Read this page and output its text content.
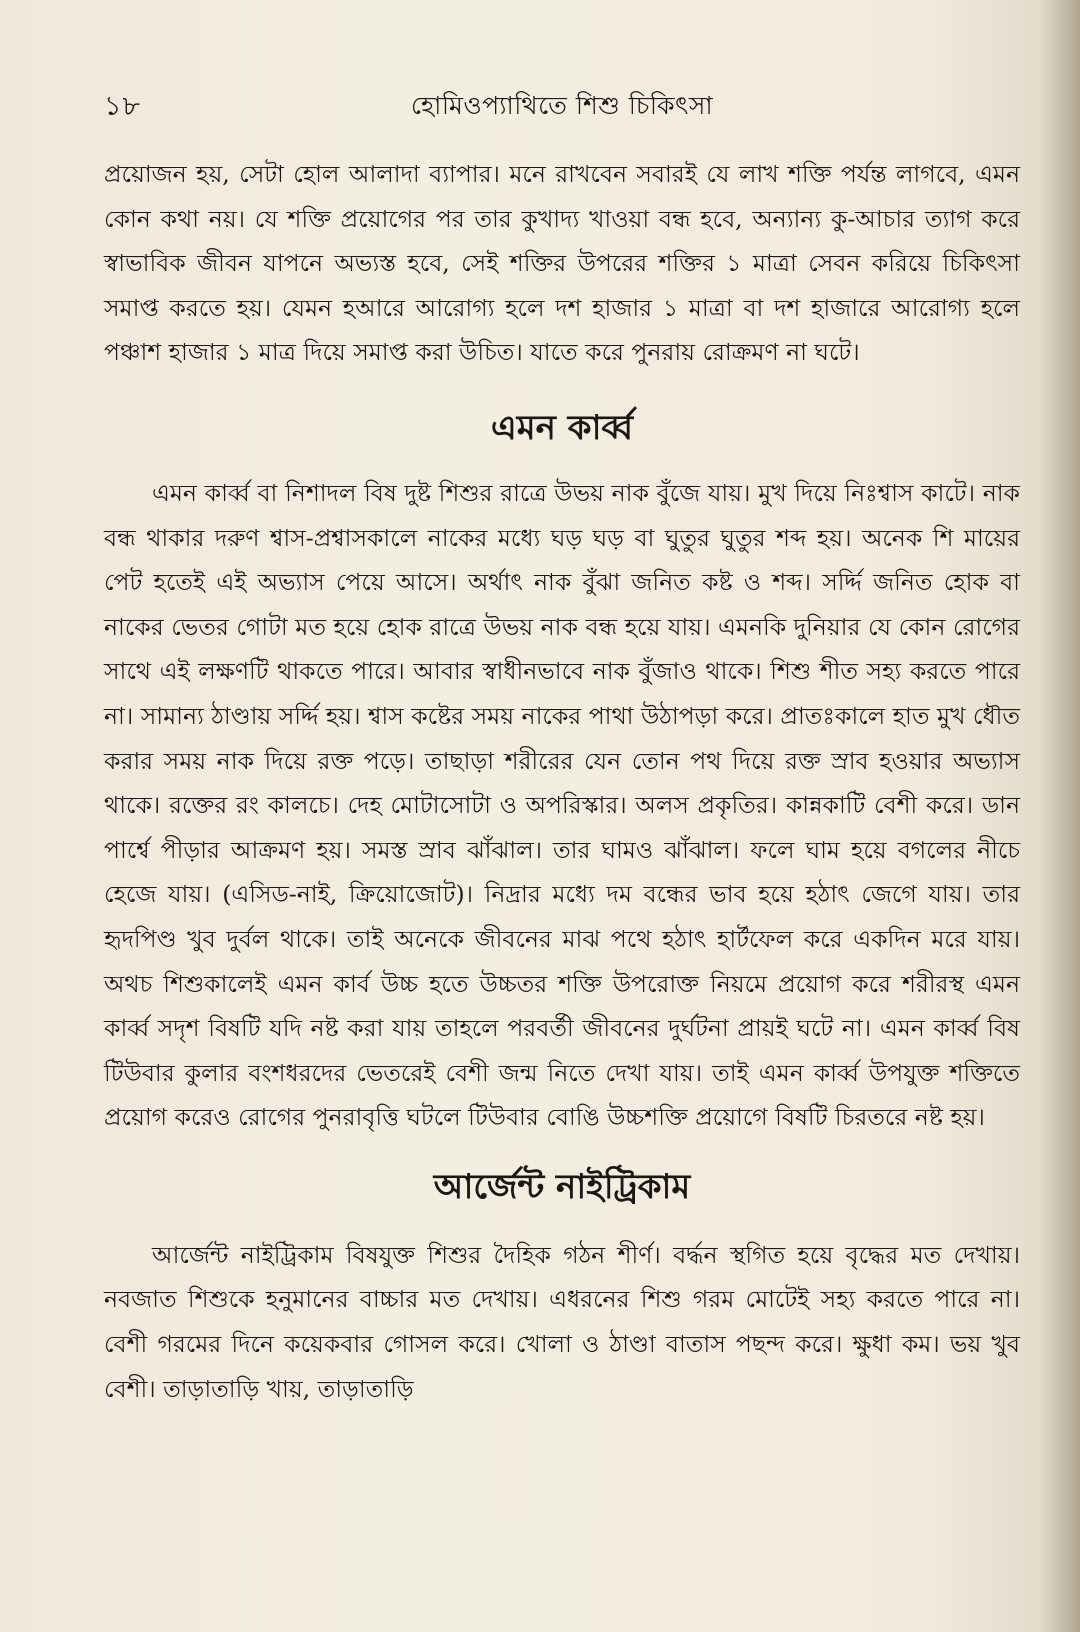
১৮	হোমিওপ্যাথিতে শিশু চিকিৎসা

প্রয়োজন হয়, সেটা হোল আলাদা ব্যাপার। মনে রাখবেন সবারই যে লাখ শক্তি পর্যন্ত লাগবে, এমন কোন কথা নয়। যে শক্তি প্রয়োগের পর তার কুখাদ্য খাওয়া বন্ধ হবে, অন্যান্য কু-আচার ত্যাগ করে স্বাভাবিক জীবন যাপনে অভ্যস্ত হবে, সেই শক্তির উপরের শক্তির ১ মাত্রা সেবন করিয়ে চিকিৎসা সমাপ্ত করতে হয়। যেমন হআরে আরোগ্য হলে দশ হাজার ১ মাত্রা বা দশ হাজারে আরোগ্য হলে পঞ্চাশ হাজার ১ মাত্র দিয়ে সমাপ্ত করা উচিত। যাতে করে পুনরায় রোক্রমণ না ঘটে।

এমন কার্ব্ব

এমন কার্ব্ব বা নিশাদল বিষ দুষ্ট শিশুর রাত্রে উভয় নাক বুঁজে যায়। মুখ দিয়ে নিঃশ্বাস কাটে। নাক বন্ধ থাকার দরুণ শ্বাস-প্রশ্বাসকালে নাকের মধ্যে ঘড় ঘড় বা ঘুতুর ঘুতুর শব্দ হয়। অনেক শি মায়ের পেট হতেই এই অভ্যাস পেয়ে আসে। অর্থাৎ নাক বুঁঝা জনিত কষ্ট ও শব্দ। সর্দ্দি জনিত হোক বা নাকের ভেতর গোটা মত হয়ে হোক রাত্রে উভয় নাক বন্ধ হয়ে যায়। এমনকি দুনিয়ার যে কোন রোগের সাথে এই লক্ষণটি থাকতে পারে। আবার স্বাধীনভাবে নাক বুঁজাও থাকে। শিশু শীত সহ্য করতে পারে না। সামান্য ঠাণ্ডায় সর্দ্দি হয়। শ্বাস কষ্টের সময় নাকের পাথা উঠাপড়া করে। প্রাতঃকালে হাত মুখ ধৌত করার সময় নাক দিয়ে রক্ত পড়ে। তাছাড়া শরীরের যেন তোন পথ দিয়ে রক্ত স্রাব হওয়ার অভ্যাস থাকে। রক্তের রং কালচে। দেহ মোটাসোটা ও অপরিস্কার। অলস প্রকৃতির। কান্নকাটি বেশী করে। ডান পার্শ্বে পীড়ার আক্রমণ হয়। সমস্ত স্রাব ঝাঁঝাল। তার ঘামও ঝাঁঝাল। ফলে ঘাম হয়ে বগলের নীচে হেজে যায়। (এসিড-নাই, ক্রিয়োজোট)। নিদ্রার মধ্যে দম বন্ধের ভাব হয়ে হঠাৎ জেগে যায়। তার হৃদপিণ্ড খুব দুর্বল থাকে। তাই অনেকে জীবনের মাঝ পথে হঠাৎ হার্টফেল করে একদিন মরে যায়। অথচ শিশুকালেই এমন কার্ব উচ্চ হতে উচ্চতর শক্তি উপরোক্ত নিয়মে প্রয়োগ করে শরীরস্থ এমন কার্ব্ব সদৃশ বিষটি যদি নষ্ট করা যায় তাহলে পরবর্তী জীবনের দুর্ঘটনা প্রায়ই ঘটে না। এমন কার্ব্ব বিষ টিউবার কুলার বংশধরদের ভেতরেই বেশী জন্ম নিতে দেখা যায়। তাই এমন কার্ব্ব উপযুক্ত শক্তিতে প্রয়োগ করেও রোগের পুনরাবৃত্তি ঘটলে টিউবার বোঙি উচ্চশক্তি প্রয়োগে বিষটি চিরতরে নষ্ট হয়।

আর্জেন্ট নাইট্রিকাম

আর্জেন্ট নাইট্রিকাম বিষযুক্ত শিশুর দৈহিক গঠন শীর্ণ। বর্দ্ধন স্থগিত হয়ে বৃদ্ধের মত দেখায়। নবজাত শিশুকে হনুমানের বাচ্চার মত দেখায়। এধরনের শিশু গরম মোটেই সহ্য করতে পারে না। বেশী গরমের দিনে কয়েকবার গোসল করে। খোলা ও ঠাণ্ডা বাতাস পছন্দ করে। ক্ষুধা কম। ভয় খুব বেশী। তাড়াতাড়ি খায়, তাড়াতাড়ি
